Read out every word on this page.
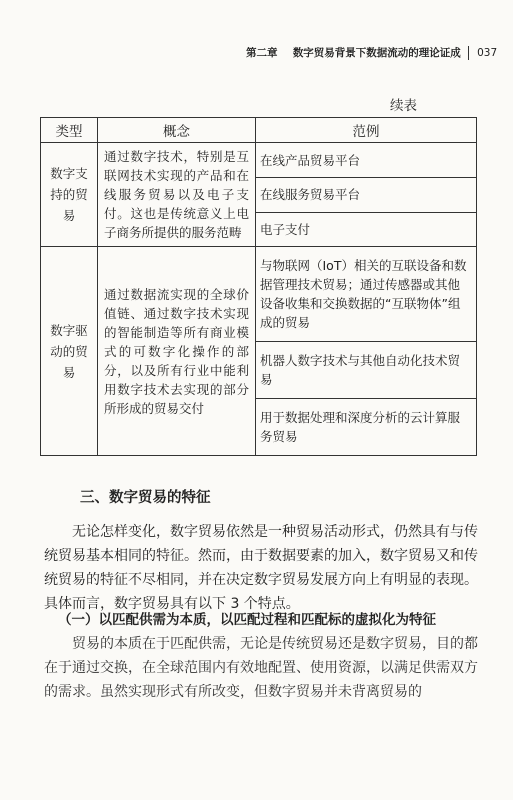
第二章 数字贸易背景下数据流动的理论证成 037
续表
类型	概念	范例
数字支持的贸易	通过数字技术，特别是互联网技术实现的产品和在线服务贸易以及电子支付。这也是传统意义上电子商务所提供的服务范畴	在线产品贸易平台
		在线服务贸易平台
		电子支付
数字驱动的贸易	通过数据流实现的全球价值链、通过数字技术实现的智能制造等所有商业模式的可数字化操作的部分，以及所有行业中能利用数字技术去实现的部分所形成的贸易交付	与物联网（IoT）相关的互联设备和数据管理技术贸易；通过传感器或其他设备收集和交换数据的“互联物体”组成的贸易
		机器人数字技术与其他自动化技术贸易
		用于数据处理和深度分析的云计算服务贸易
三、数字贸易的特征

无论怎样变化，数字贸易依然是一种贸易活动形式，仍然具有与传统贸易基本相同的特征。然而，由于数据要素的加入，数字贸易又和传统贸易的特征不尽相同，并在决定数字贸易发展方向上有明显的表现。具体而言，数字贸易具有以下 3 个特点。

（一）以匹配供需为本质，以匹配过程和匹配标的虚拟化为特征

贸易的本质在于匹配供需，无论是传统贸易还是数字贸易，目的都在于通过交换，在全球范围内有效地配置、使用资源，以满足供需双方的需求。虽然实现形式有所改变，但数字贸易并未背离贸易的
